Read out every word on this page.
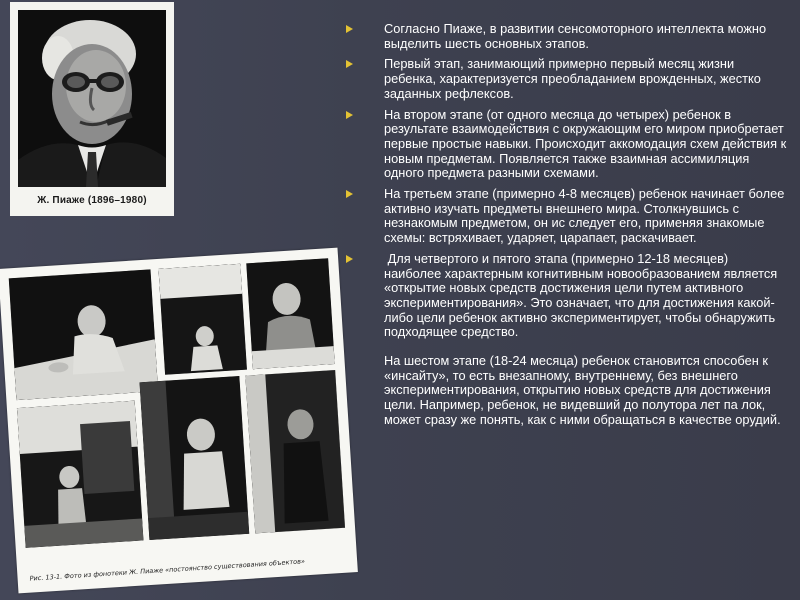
Ж. Пиаже (1896–1980)
Рис. 13-1. Фото из фонотеки Ж. Пиаже «постоянство существования объектов»
Согласно Пиаже, в развитии сенсомоторного интеллекта можно выделить шесть основных этапов.
Первый этап, занимающий примерно первый месяц жизни ребенка, характеризуется преобладанием врожденных, жестко заданных рефлексов.
На втором этапе (от одного месяца до четырех) ребенок в результате взаимодействия с окружающим его миром приобретает первые простые навыки. Происходит аккомодация схем действия к новым предметам. Появляется также взаимная ассимиляция одного предмета разными схемами.
На третьем этапе (примерно 4-8 месяцев) ребенок начинает более активно изучать предметы внешнего мира. Столкнувшись с незнакомым предметом, он ис следует его, применяя знакомые схемы: встряхивает, ударяет, царапает, раскачивает.
Для четвертого и пятого этапа (примерно 12-18 месяцев) наиболее характерным когнитивным новообразованием является «открытие новых средств достижения цели путем активного экспериментирования». Это означает, что для достижения какой-либо цели ребенок активно экспериментирует, чтобы обнаружить подходящее средство.
На шестом этапе (18-24 месяца) ребенок становится способен к «инсайту», то есть внезапному, внутреннему, без внешнего экспериментирования, открытию новых средств для достижения цели. Например, ребенок, не видевший до полутора лет па лок, может сразу же понять, как с ними обращаться в качестве орудий.
